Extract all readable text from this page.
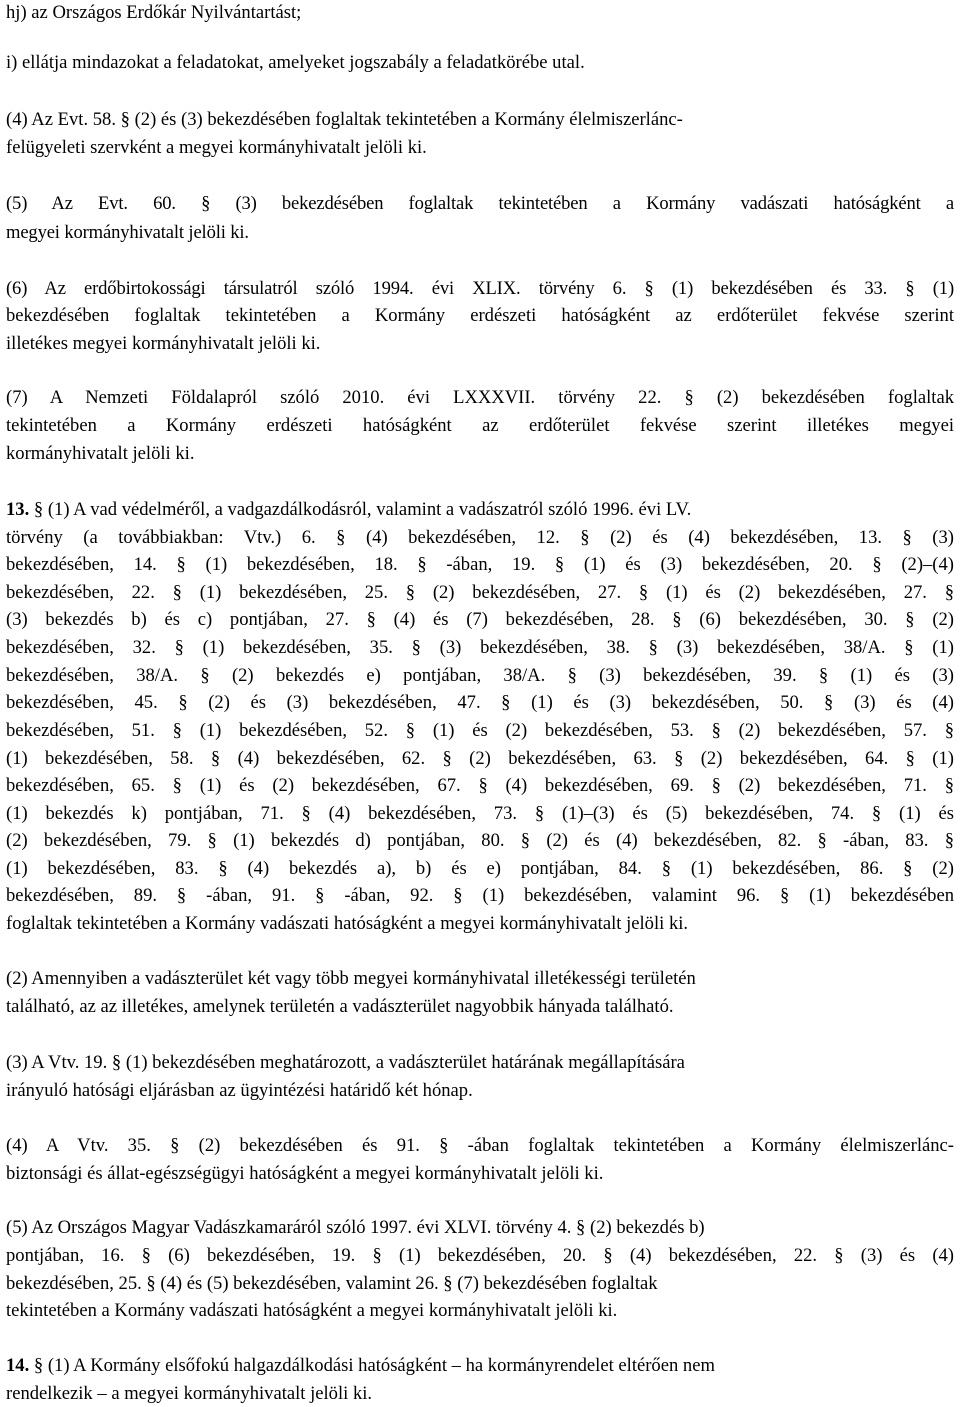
hj) az Országos Erdőkár Nyilvántartást;
i) ellátja mindazokat a feladatokat, amelyeket jogszabály a feladatkörébe utal.
(4) Az Evt. 58. § (2) és (3) bekezdésében foglaltak tekintetében a Kormány élelmiszerlánc-
felügyeleti szervként a megyei kormányhivatalt jelöli ki.
(5) Az Evt. 60. § (3) bekezdésében foglaltak tekintetében a Kormány vadászati hatóságként a
megyei kormányhivatalt jelöli ki.
(6) Az erdőbirtokossági társulatról szóló 1994. évi XLIX. törvény 6. § (1) bekezdésében és 33. § (1)
bekezdésében foglaltak tekintetében a Kormány erdészeti hatóságként az erdőterület fekvése szerint
illetékes megyei kormányhivatalt jelöli ki.
(7) A Nemzeti Földalapról szóló 2010. évi LXXXVII. törvény 22. § (2) bekezdésében foglaltak
tekintetében a Kormány erdészeti hatóságként az erdőterület fekvése szerint illetékes megyei
kormányhivatalt jelöli ki.
13. § (1) A vad védelméről, a vadgazdálkodásról, valamint a vadászatról szóló 1996. évi LV.
törvény (a továbbiakban: Vtv.) 6. § (4) bekezdésében, 12. § (2) és (4) bekezdésében, 13. § (3)
bekezdésében, 14. § (1) bekezdésében, 18. § -ában, 19. § (1) és (3) bekezdésében, 20. § (2)–(4)
bekezdésében, 22. § (1) bekezdésében, 25. § (2) bekezdésében, 27. § (1) és (2) bekezdésében, 27. §
(3) bekezdés b) és c) pontjában, 27. § (4) és (7) bekezdésében, 28. § (6) bekezdésében, 30. § (2)
bekezdésében, 32. § (1) bekezdésében, 35. § (3) bekezdésében, 38. § (3) bekezdésében, 38/A. § (1)
bekezdésében, 38/A. § (2) bekezdés e) pontjában, 38/A. § (3) bekezdésében, 39. § (1) és (3)
bekezdésében, 45. § (2) és (3) bekezdésében, 47. § (1) és (3) bekezdésében, 50. § (3) és (4)
bekezdésében, 51. § (1) bekezdésében, 52. § (1) és (2) bekezdésében, 53. § (2) bekezdésében, 57. §
(1) bekezdésében, 58. § (4) bekezdésében, 62. § (2) bekezdésében, 63. § (2) bekezdésében, 64. § (1)
bekezdésében, 65. § (1) és (2) bekezdésében, 67. § (4) bekezdésében, 69. § (2) bekezdésében, 71. §
(1) bekezdés k) pontjában, 71. § (4) bekezdésében, 73. § (1)–(3) és (5) bekezdésében, 74. § (1) és
(2) bekezdésében, 79. § (1) bekezdés d) pontjában, 80. § (2) és (4) bekezdésében, 82. § -ában, 83. §
(1) bekezdésében, 83. § (4) bekezdés a), b) és e) pontjában, 84. § (1) bekezdésében, 86. § (2)
bekezdésében, 89. § -ában, 91. § -ában, 92. § (1) bekezdésében, valamint 96. § (1) bekezdésében
foglaltak tekintetében a Kormány vadászati hatóságként a megyei kormányhivatalt jelöli ki.
(2) Amennyiben a vadászterület két vagy több megyei kormányhivatal illetékességi területén
található, az az illetékes, amelynek területén a vadászterület nagyobbik hányada található.
(3) A Vtv. 19. § (1) bekezdésében meghatározott, a vadászterület határának megállapítására
irányuló hatósági eljárásban az ügyintézési határidő két hónap.
(4) A Vtv. 35. § (2) bekezdésében és 91. § -ában foglaltak tekintetében a Kormány élelmiszerlánc-
biztonsági és állat-egészségügyi hatóságként a megyei kormányhivatalt jelöli ki.
(5) Az Országos Magyar Vadászkamaráról szóló 1997. évi XLVI. törvény 4. § (2) bekezdés b)
pontjában, 16. § (6) bekezdésében, 19. § (1) bekezdésében, 20. § (4) bekezdésében, 22. § (3) és (4)
bekezdésében, 25. § (4) és (5) bekezdésében, valamint 26. § (7) bekezdésében foglaltak
tekintetében a Kormány vadászati hatóságként a megyei kormányhivatalt jelöli ki.
14. § (1) A Kormány elsőfokú halgazdálkodási hatóságként – ha kormányrendelet eltérően nem
rendelkezik – a megyei kormányhivatalt jelöli ki.
